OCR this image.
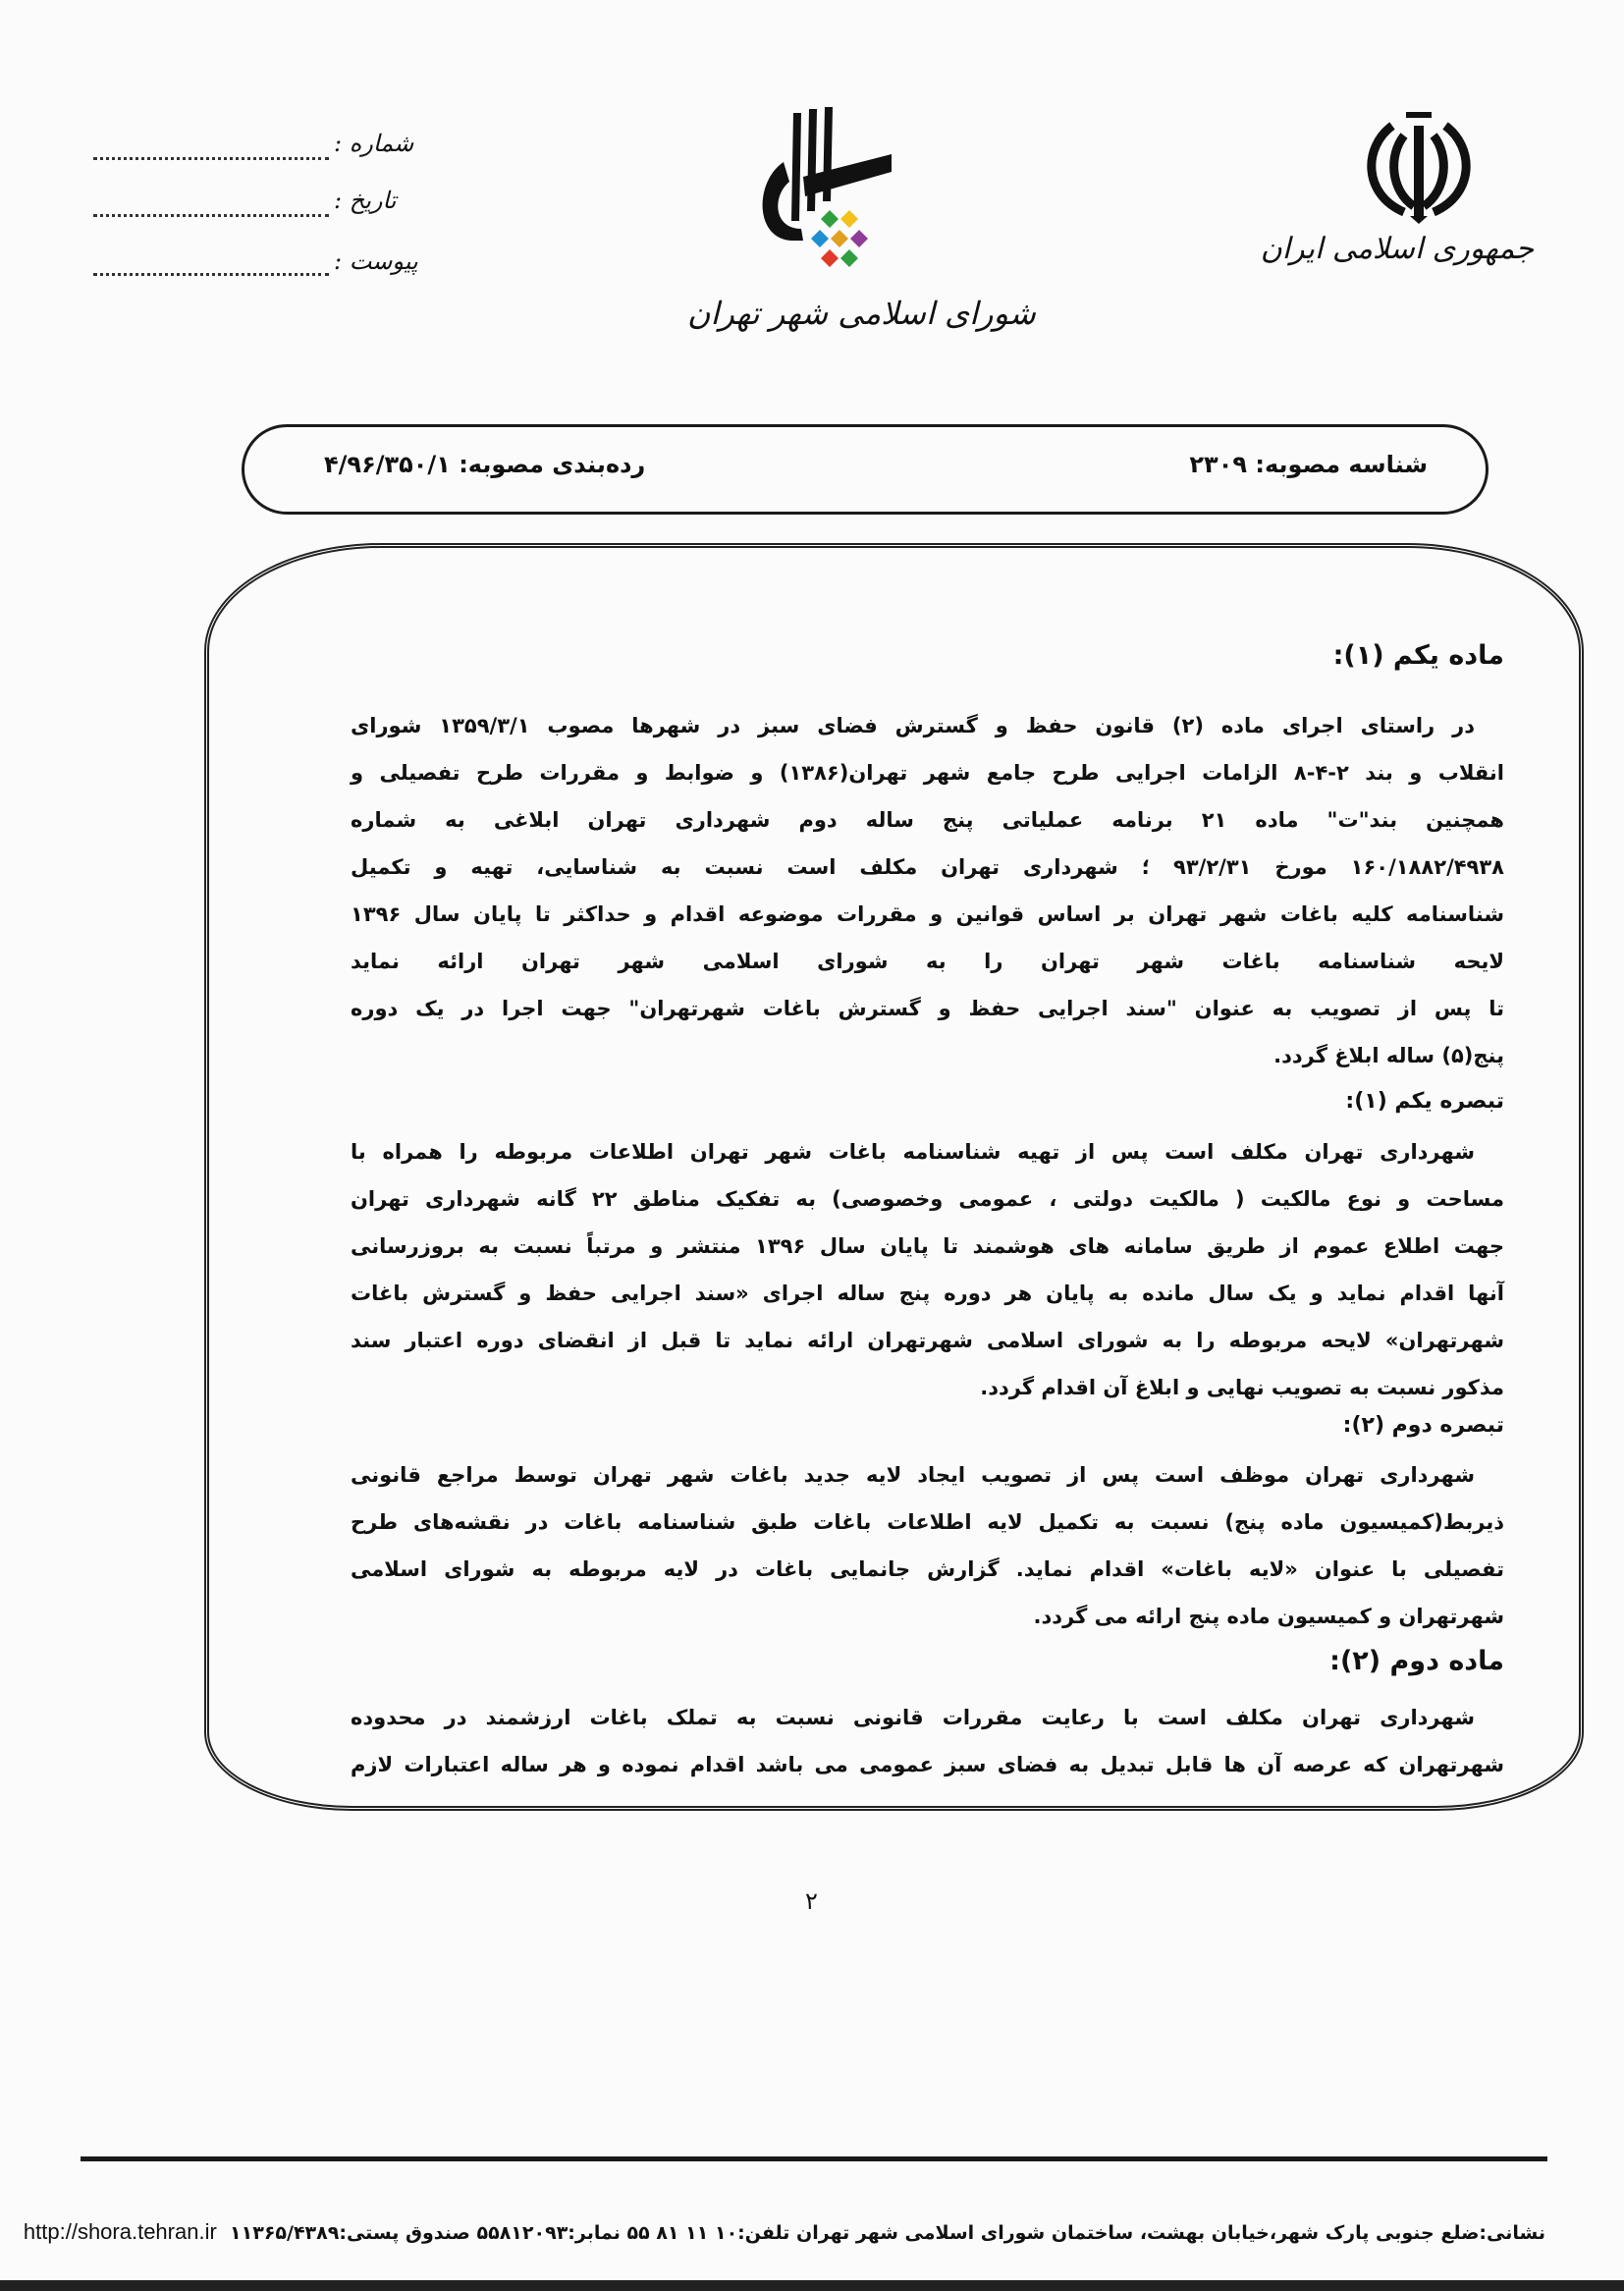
جمهوری اسلامی ایران
شورای اسلامی شهر تهران
شماره :
تاریخ :
پیوست :
شناسه مصوبه: ۲۳۰۹
رده‌بندی مصوبه: ۴/۹۶/۳۵۰/۱
ماده یکم (۱):
در راستای اجرای ماده (۲) قانون حفظ و گسترش فضای سبز در شهرها مصوب ۱۳۵۹/۳/۱ شورای
انقلاب و بند ۲-۴-۸ الزامات اجرایی طرح جامع شهر تهران(۱۳۸۶) و ضوابط و مقررات طرح تفصیلی و
همچنین بند"ت" ماده ۲۱ برنامه عملیاتی پنج ساله دوم شهرداری تهران ابلاغی به شماره
۱۶۰/۱۸۸۲/۴۹۳۸ مورخ ۹۳/۲/۳۱ ؛ شهرداری تهران مکلف است نسبت به شناسایی، تهیه و تکمیل
شناسنامه کلیه باغات شهر تهران بر اساس قوانین و مقررات موضوعه اقدام و حداکثر تا پایان سال ۱۳۹۶
لایحه شناسنامه باغات شهر تهران را به شورای اسلامی شهر تهران ارائه نماید
تا پس از تصویب به عنوان "سند اجرایی حفظ و گسترش باغات شهرتهران" جهت اجرا در یک دوره
پنج(۵) ساله ابلاغ گردد.
تبصره یکم (۱):
شهرداری تهران مکلف است پس از تهیه شناسنامه باغات شهر تهران اطلاعات مربوطه را همراه با
مساحت و نوع مالکیت ( مالکیت دولتی ، عمومی وخصوصی) به تفکیک مناطق ۲۲ گانه شهرداری تهران
جهت اطلاع عموم از طریق سامانه های هوشمند تا پایان سال ۱۳۹۶ منتشر و مرتباً نسبت به بروزرسانی
آنها اقدام نماید و یک سال مانده به پایان هر دوره پنج ساله اجرای «سند اجرایی حفظ و گسترش باغات
شهرتهران» لایحه مربوطه را به شورای اسلامی شهرتهران ارائه نماید تا قبل از انقضای دوره اعتبار سند
مذکور نسبت به تصویب نهایی و ابلاغ آن اقدام گردد.
تبصره دوم (۲):
شهرداری تهران موظف است پس از تصویب ایجاد لایه جدید باغات شهر تهران توسط مراجع قانونی
ذیربط(کمیسیون ماده پنج) نسبت به تکمیل لایه اطلاعات باغات طبق شناسنامه باغات در نقشه‌های طرح
تفصیلی با عنوان «لایه باغات» اقدام نماید. گزارش جانمایی باغات در لایه مربوطه به شورای اسلامی
شهرتهران و کمیسیون ماده پنج ارائه می گردد.
ماده دوم (۲):
شهرداری تهران مکلف است با رعایت مقررات قانونی نسبت به تملک باغات ارزشمند در محدوده
شهرتهران که عرصه آن ها قابل تبدیل به فضای سبز عمومی می باشد اقدام نموده و هر ساله اعتبارات لازم
۲
نشانی:ضلع جنوبی پارک شهر،خیابان بهشت، ساختمان شورای اسلامی شهر تهران تلفن:۱۰ ۱۱ ۸۱ ۵۵ نمابر:۵۵۸۱۲۰۹۳ صندوق پستی:۱۱۳۶۵/۴۳۸۹  http://shora.tehran.ir
